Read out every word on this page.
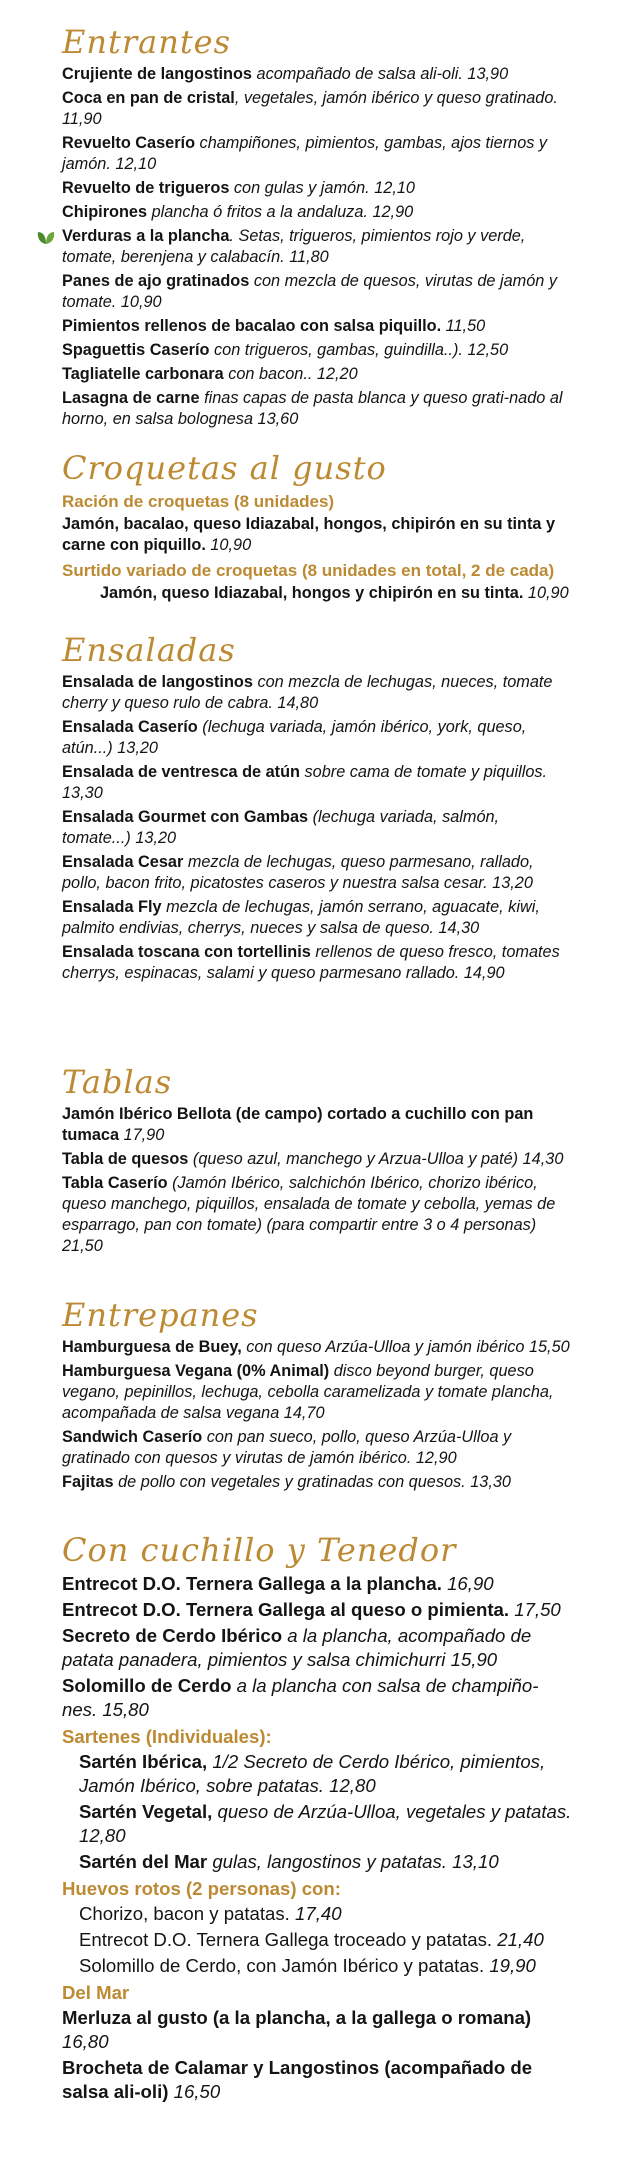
Entrantes
Crujiente de langostinos acompañado de salsa ali-oli. 13,90
Coca en pan de cristal, vegetales, jamón ibérico y queso gratinado. 11,90
Revuelto Caserío champiñones, pimientos, gambas, ajos tiernos y jamón. 12,10
Revuelto de trigueros con gulas y jamón. 12,10
Chipirones plancha ó fritos a la andaluza. 12,90
Verduras a la plancha. Setas, trigueros, pimientos rojo y verde, tomate, berenjena y calabacín. 11,80
Panes de ajo gratinados con mezcla de quesos, virutas de jamón y tomate. 10,90
Pimientos rellenos de bacalao con salsa piquillo. 11,50
Spaguettis Caserío con trigueros, gambas, guindilla..). 12,50
Tagliatelle carbonara con bacon.. 12,20
Lasagna de carne finas capas de pasta blanca y queso grati-nado al horno, en salsa bolognesa 13,60
Croquetas al gusto
Ración de croquetas (8 unidades)
Jamón, bacalao, queso Idiazabal, hongos, chipirón en su tinta y carne con piquillo. 10,90
Surtido variado de croquetas (8 unidades en total, 2 de cada)
Jamón, queso Idiazabal, hongos y chipirón en su tinta. 10,90
Ensaladas
Ensalada de langostinos con mezcla de lechugas, nueces, tomate cherry y queso rulo de cabra. 14,80
Ensalada Caserío (lechuga variada, jamón ibérico, york, queso, atún...) 13,20
Ensalada de ventresca de atún sobre cama de tomate y piquillos. 13,30
Ensalada Gourmet con Gambas (lechuga variada, salmón, tomate...) 13,20
Ensalada Cesar mezcla de lechugas, queso parmesano, rallado, pollo, bacon frito, picatostes caseros y nuestra salsa cesar. 13,20
Ensalada Fly mezcla de lechugas, jamón serrano, aguacate, kiwi, palmito endivias, cherrys, nueces y salsa de queso. 14,30
Ensalada toscana con tortellinis rellenos de queso fresco, tomates cherrys, espinacas, salami y queso parmesano rallado. 14,90
Tablas
Jamón Ibérico Bellota (de campo) cortado a cuchillo con pan tumaca 17,90
Tabla de quesos (queso azul, manchego y Arzua-Ulloa y paté) 14,30
Tabla Caserío (Jamón Ibérico, salchichón Ibérico, chorizo ibérico, queso manchego, piquillos, ensalada de tomate y cebolla, yemas de esparrago, pan con tomate) (para compartir entre 3 o 4 personas) 21,50
Entrepanes
Hamburguesa de Buey, con queso Arzúa-Ulloa y jamón ibérico 15,50
Hamburguesa Vegana (0% Animal) disco beyond burger, queso vegano, pepinillos, lechuga, cebolla caramelizada y tomate plancha, acompañada de salsa vegana 14,70
Sandwich Caserío con pan sueco, pollo, queso Arzúa-Ulloa y gratinado con quesos y virutas de jamón ibérico. 12,90
Fajitas de pollo con vegetales y gratinadas con quesos. 13,30
Con cuchillo y Tenedor
Entrecot D.O. Ternera Gallega a la plancha. 16,90
Entrecot D.O. Ternera Gallega al queso o pimienta. 17,50
Secreto de Cerdo Ibérico a la plancha, acompañado de patata panadera, pimientos y salsa chimichurri 15,90
Solomillo de Cerdo a la plancha con salsa de champiño-nes. 15,80
Sartenes (Individuales):
Sartén Ibérica, 1/2 Secreto de Cerdo Ibérico, pimientos, Jamón Ibérico, sobre patatas. 12,80
Sartén Vegetal, queso de Arzúa-Ulloa, vegetales y patatas. 12,80
Sartén del Mar gulas, langostinos y patatas. 13,10
Huevos rotos (2 personas) con:
Chorizo, bacon y patatas. 17,40
Entrecot D.O. Ternera Gallega troceado y patatas. 21,40
Solomillo de Cerdo, con Jamón Ibérico y patatas. 19,90
Del Mar
Merluza al gusto (a la plancha, a la gallega o romana) 16,80
Brocheta de Calamar y Langostinos (acompañado de salsa ali-oli) 16,50
